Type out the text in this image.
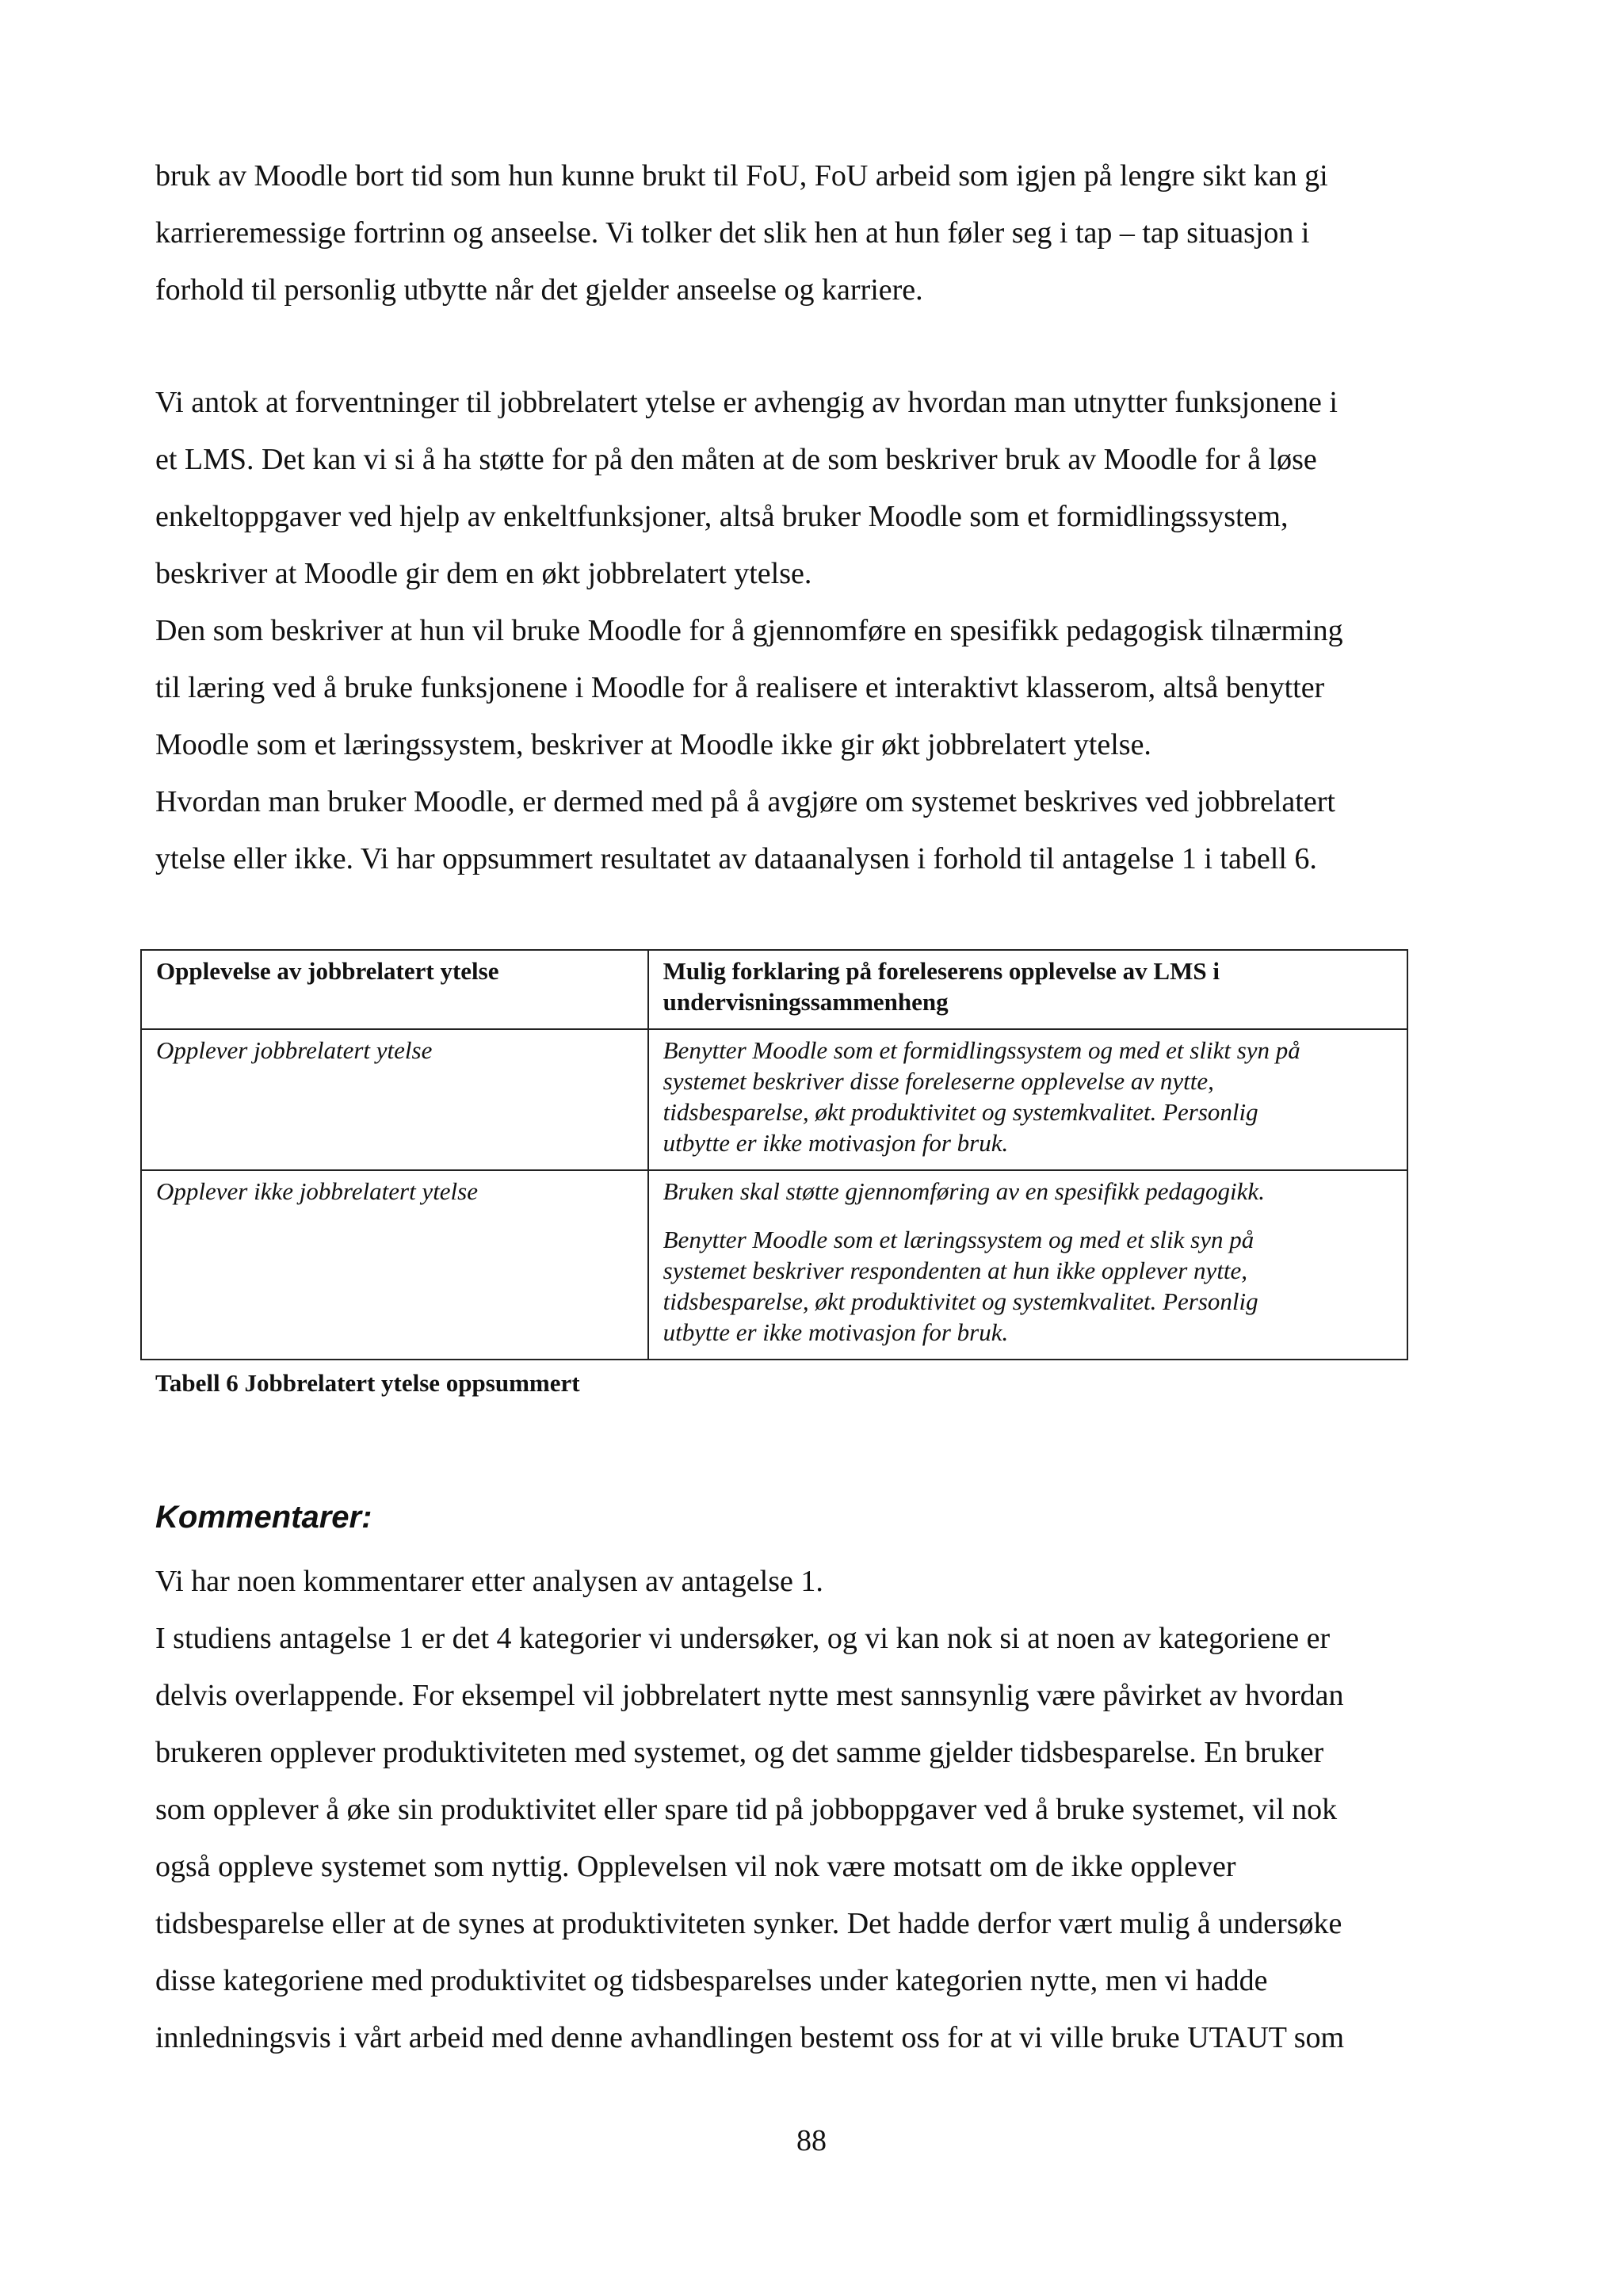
bruk av Moodle bort tid som hun kunne brukt til FoU, FoU arbeid som igjen på lengre sikt kan gi
karrieremessige fortrinn og anseelse. Vi tolker det slik hen at hun føler seg i tap – tap situasjon i
forhold til personlig utbytte når det gjelder anseelse og karriere.
Vi antok at forventninger til jobbrelatert ytelse er avhengig av hvordan man utnytter funksjonene i
et LMS. Det kan vi si å ha støtte for på den måten at de som beskriver bruk av Moodle for å løse
enkeltoppgaver ved hjelp av enkeltfunksjoner, altså bruker Moodle som et formidlingssystem,
beskriver at Moodle gir dem en økt jobbrelatert ytelse.
Den som beskriver at hun vil bruke Moodle for å gjennomføre en spesifikk pedagogisk tilnærming
til læring ved å bruke funksjonene i Moodle for å realisere et interaktivt klasserom, altså benytter
Moodle som et læringssystem, beskriver at Moodle ikke gir økt jobbrelatert ytelse.
Hvordan man bruker Moodle, er dermed med på å avgjøre om systemet beskrives ved jobbrelatert
ytelse eller ikke. Vi har oppsummert resultatet av dataanalysen i forhold til antagelse 1 i tabell 6.
Opplevelse av jobbrelatert ytelse	Mulig forklaring på foreleserens opplevelse av LMS i
undervisningssammenheng

Opplever jobbrelatert ytelse	Benytter Moodle som et formidlingssystem og med et slikt syn på
systemet beskriver disse foreleserne opplevelse av nytte,
tidsbesparelse, økt produktivitet og systemkvalitet. Personlig
utbytte er ikke motivasjon for bruk.

Opplever ikke jobbrelatert ytelse	Bruken skal støtte gjennomføring av en spesifikk pedagogikk.
Benytter Moodle som et læringssystem og med et slik syn på
systemet beskriver respondenten at hun ikke opplever nytte,
tidsbesparelse, økt produktivitet og systemkvalitet. Personlig
utbytte er ikke motivasjon for bruk.
Tabell 6 Jobbrelatert ytelse oppsummert
Kommentarer:
Vi har noen kommentarer etter analysen av antagelse 1.
I studiens antagelse 1 er det 4 kategorier vi undersøker, og vi kan nok si at noen av kategoriene er
delvis overlappende. For eksempel vil jobbrelatert nytte mest sannsynlig være påvirket av hvordan
brukeren opplever produktiviteten med systemet, og det samme gjelder tidsbesparelse. En bruker
som opplever å øke sin produktivitet eller spare tid på jobboppgaver ved å bruke systemet, vil nok
også oppleve systemet som nyttig. Opplevelsen vil nok være motsatt om de ikke opplever
tidsbesparelse eller at de synes at produktiviteten synker. Det hadde derfor vært mulig å undersøke
disse kategoriene med produktivitet og tidsbesparelses under kategorien nytte, men vi hadde
innledningsvis i vårt arbeid med denne avhandlingen bestemt oss for at vi ville bruke UTAUT som
88
